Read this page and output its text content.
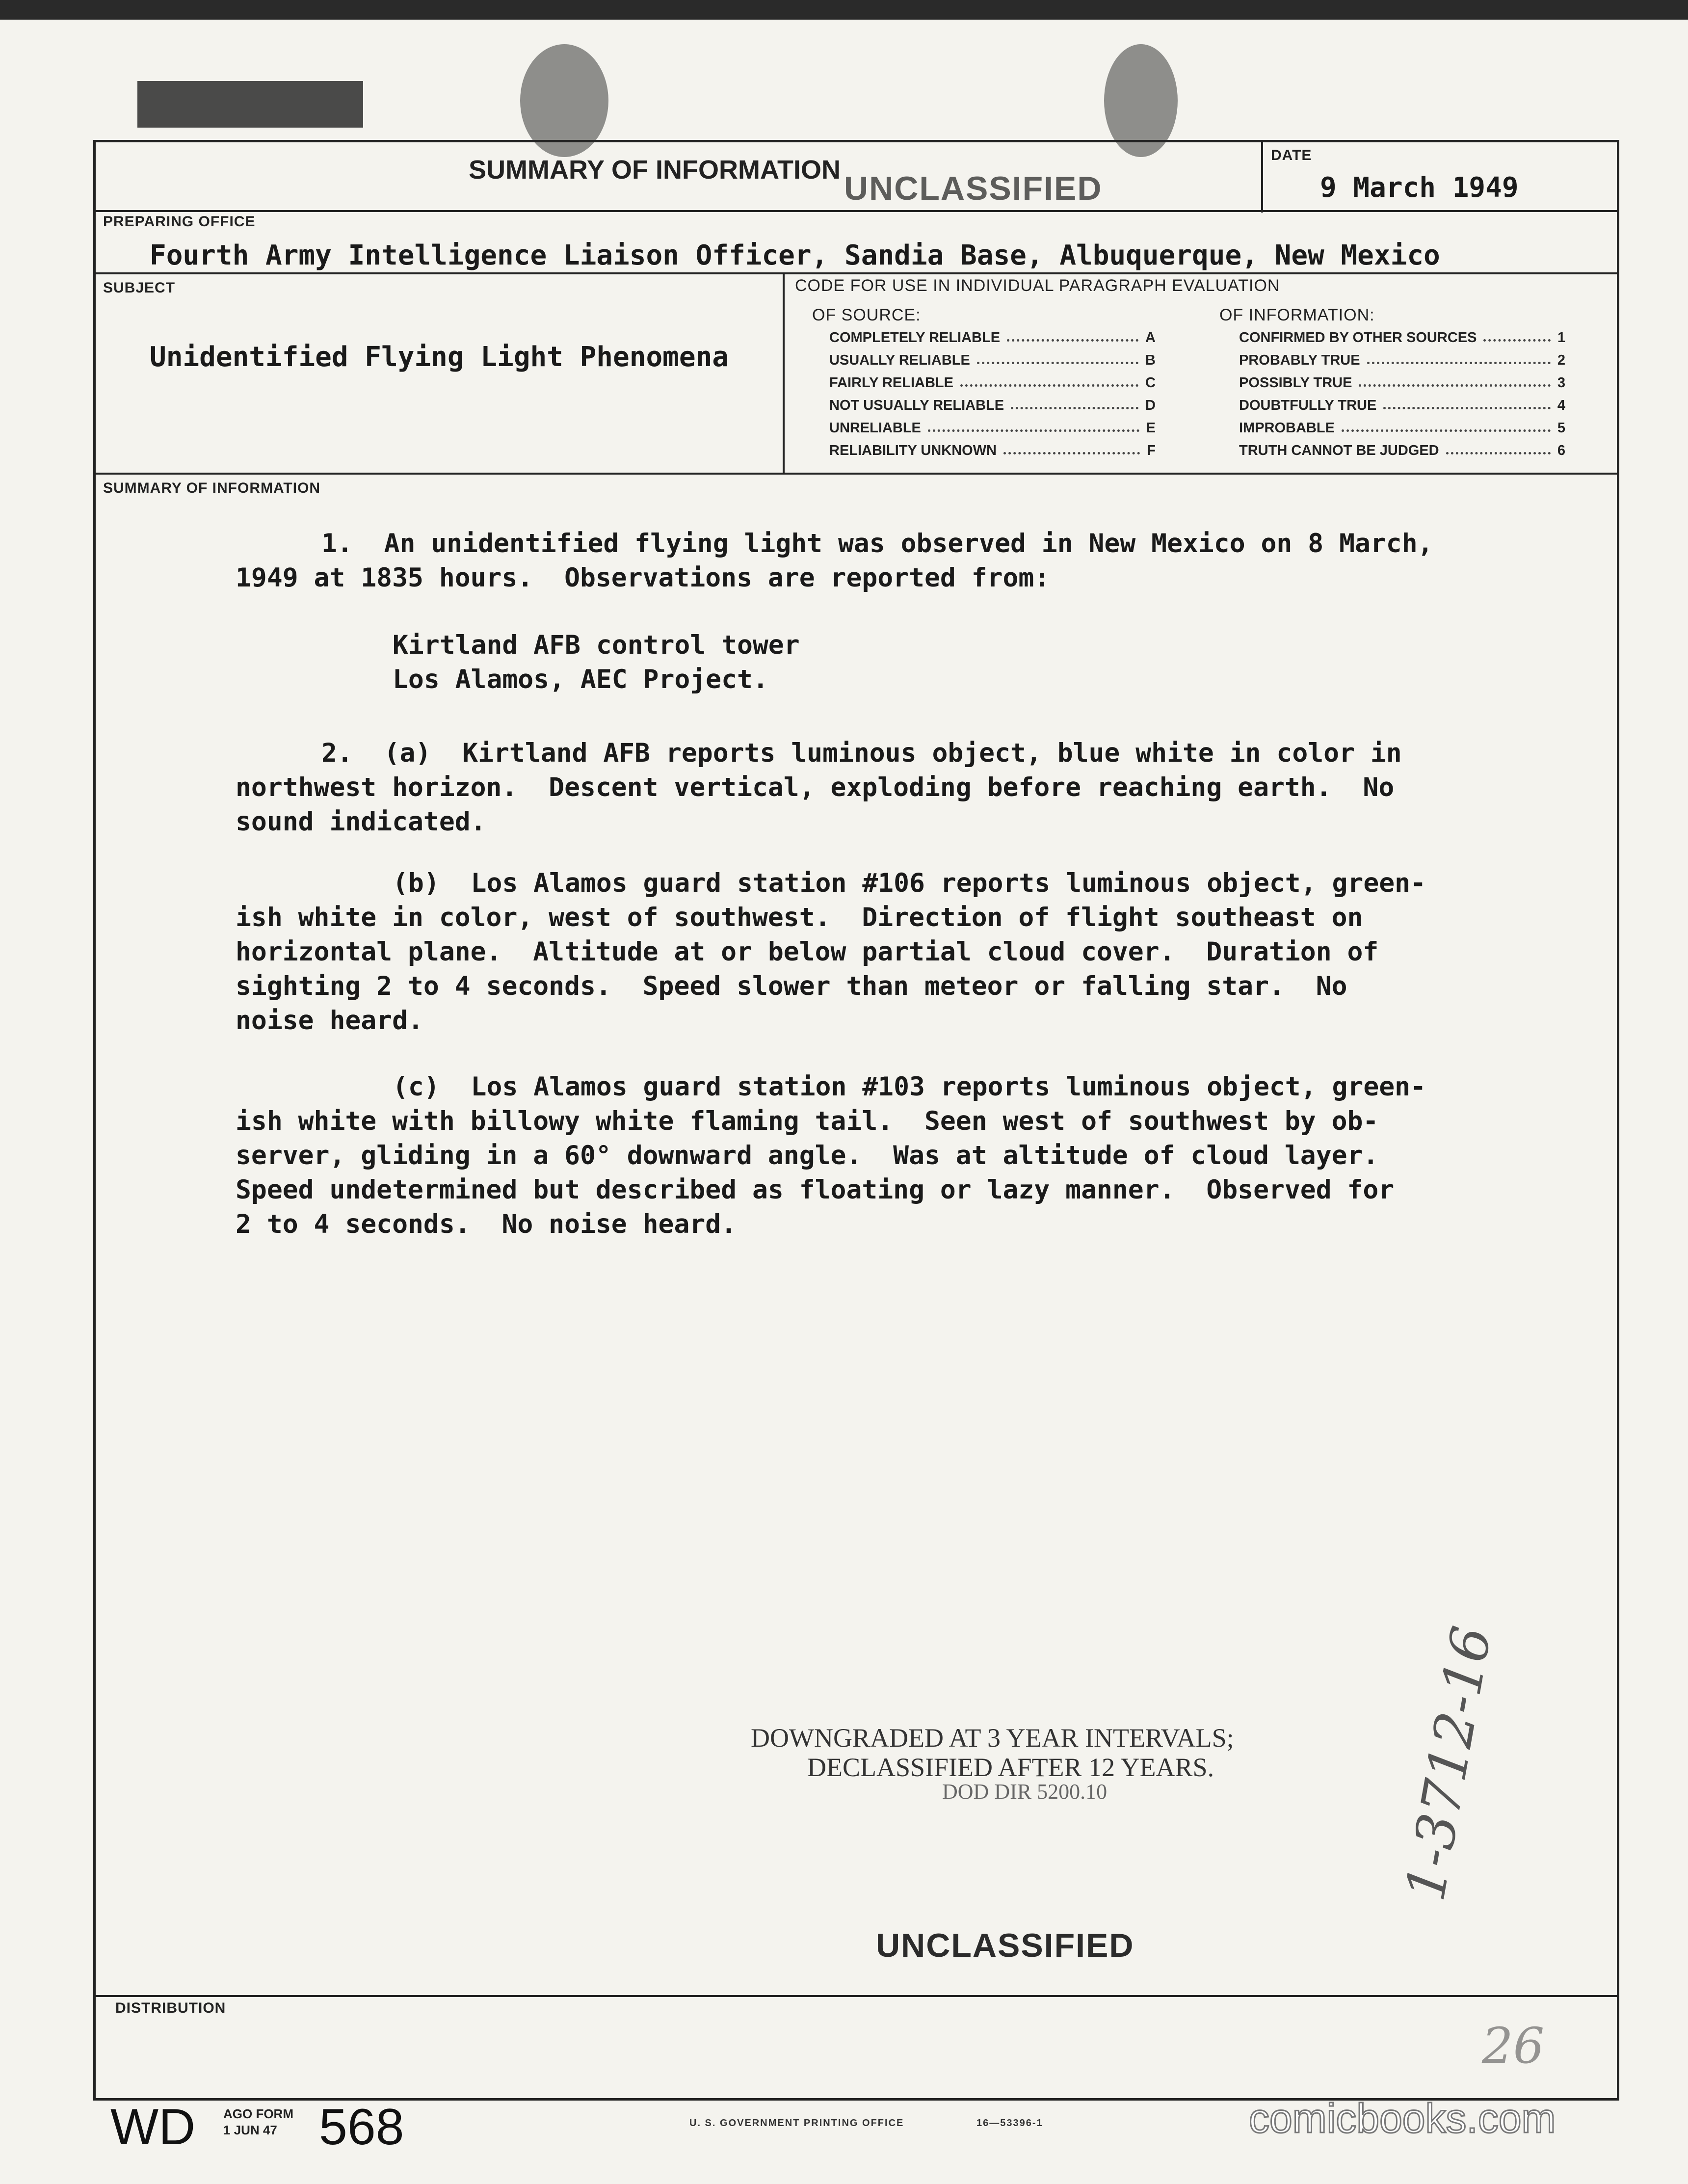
SUMMARY OF INFORMATION UNCLASSIFIED
DATE
9 March 1949
PREPARING OFFICE
Fourth Army Intelligence Liaison Officer, Sandia Base, Albuquerque, New Mexico
SUBJECT
Unidentified Flying Light Phenomena
CODE FOR USE IN INDIVIDUAL PARAGRAPH EVALUATION
OF SOURCE:	OF INFORMATION:
COMPLETELY RELIABLE	A
USUALLY RELIABLE	B
FAIRLY RELIABLE	C
NOT USUALLY RELIABLE	D
UNRELIABLE	E
RELIABILITY UNKNOWN	F
CONFIRMED BY OTHER SOURCES	1
PROBABLY TRUE	2
POSSIBLY TRUE	3
DOUBTFULLY TRUE	4
IMPROBABLE	5
TRUTH CANNOT BE JUDGED	6
SUMMARY OF INFORMATION
1.  An unidentified flying light was observed in New Mexico on 8 March,
1949 at 1835 hours.  Observations are reported from:
Kirtland AFB control tower
Los Alamos, AEC Project.
2.  (a)  Kirtland AFB reports luminous object, blue white in color in
northwest horizon.  Descent vertical, exploding before reaching earth.  No
sound indicated.
(b)  Los Alamos guard station #106 reports luminous object, green-
ish white in color, west of southwest.  Direction of flight southeast on
horizontal plane.  Altitude at or below partial cloud cover.  Duration of
sighting 2 to 4 seconds.  Speed slower than meteor or falling star.  No
noise heard.
(c)  Los Alamos guard station #103 reports luminous object, green-
ish white with billowy white flaming tail.  Seen west of southwest by ob-
server, gliding in a 60° downward angle.  Was at altitude of cloud layer.
Speed undetermined but described as floating or lazy manner.  Observed for
2 to 4 seconds.  No noise heard.
DOWNGRADED AT 3 YEAR INTERVALS;
DECLASSIFIED AFTER 12 YEARS.
DOD DIR 5200.10
UNCLASSIFIED
DISTRIBUTION
26
1-3712-16
WD AGO FORM
1 JUN 47 568	U. S. GOVERNMENT PRINTING OFFICE	16—53396-1	comicbooks.com
